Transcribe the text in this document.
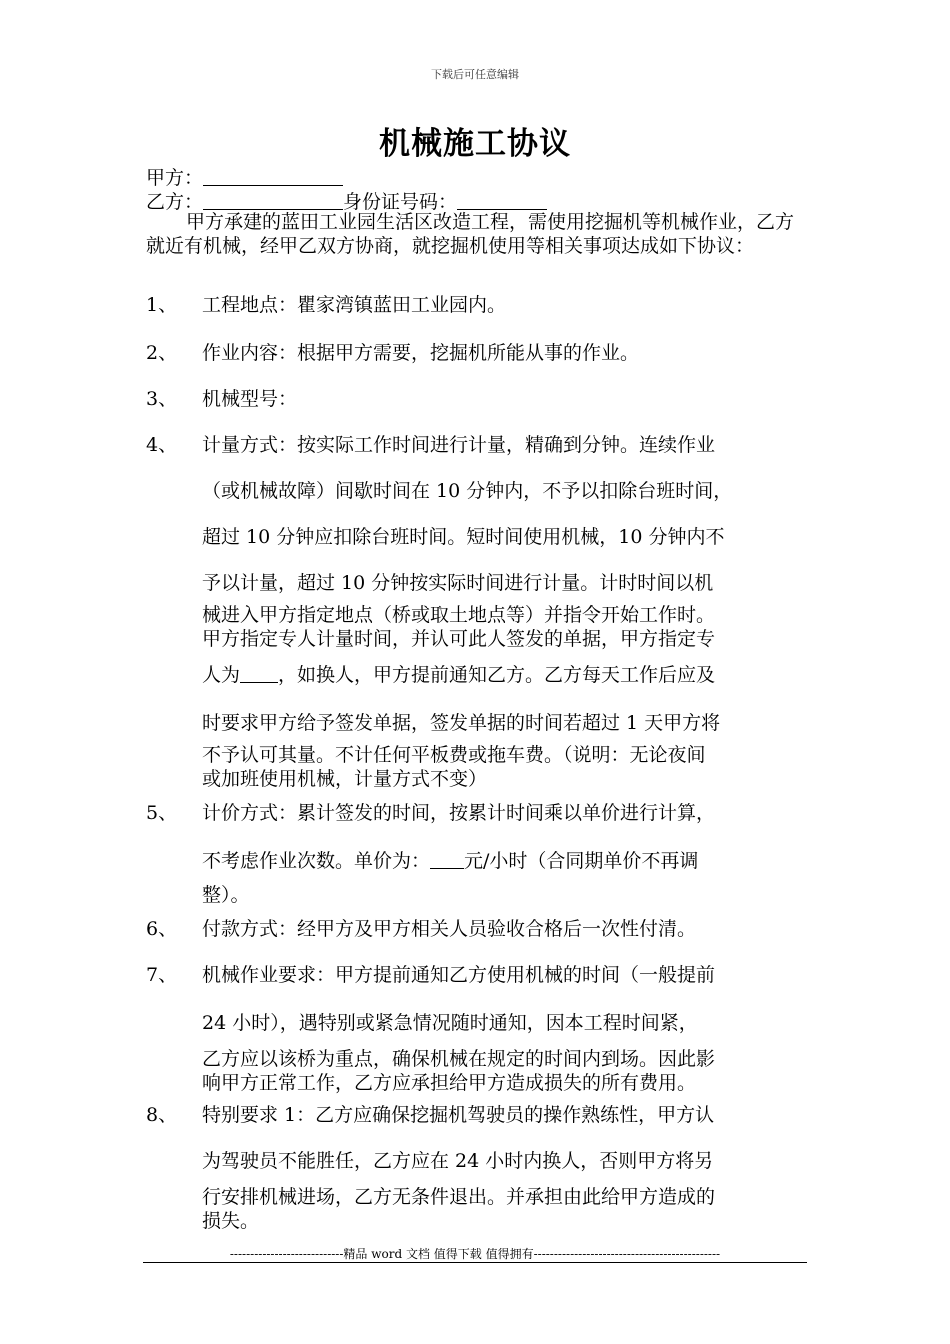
下载后可任意编辑
机械施工协议
甲方：
乙方：	身份证号码：
甲方承建的蓝田工业园生活区改造工程，需使用挖掘机等机械作业，乙方就近有机械，经甲乙双方协商，就挖掘机使用等相关事项达成如下协议：
1、 工程地点：瞿家湾镇蓝田工业园内。
2、 作业内容：根据甲方需要，挖掘机所能从事的作业。
3、 机械型号：
4、 计量方式：按实际工作时间进行计量，精确到分钟。连续作业
（或机械故障）间歇时间在 10 分钟内，不予以扣除台班时间，
超过 10 分钟应扣除台班时间。短时间使用机械，10 分钟内不
予以计量，超过 10 分钟按实际时间进行计量。计时时间以机
械进入甲方指定地点（桥或取土地点等）并指令开始工作时。
甲方指定专人计量时间，并认可此人签发的单据，甲方指定专
人为 ，如换人，甲方提前通知乙方。乙方每天工作后应及
时要求甲方给予签发单据，签发单据的时间若超过 1 天甲方将
不予认可其量。不计任何平板费或拖车费。（说明：无论夜间
或加班使用机械，计量方式不变）
5、 计价方式：累计签发的时间，按累计时间乘以单价进行计算，
不考虑作业次数。单价为： 元/小时（合同期单价不再调
整）。
6、 付款方式：经甲方及甲方相关人员验收合格后一次性付清。
7、 机械作业要求：甲方提前通知乙方使用机械的时间（一般提前
24 小时），遇特别或紧急情况随时通知，因本工程时间紧，
乙方应以该桥为重点，确保机械在规定的时间内到场。因此影
响甲方正常工作，乙方应承担给甲方造成损失的所有费用。
8、 特别要求 1：乙方应确保挖掘机驾驶员的操作熟练性，甲方认
为驾驶员不能胜任，乙方应在 24 小时内换人，否则甲方将另
行安排机械进场，乙方无条件退出。并承担由此给甲方造成的
损失。
----------------------------精品 word 文档 值得下载 值得拥有----------------------------------------------
